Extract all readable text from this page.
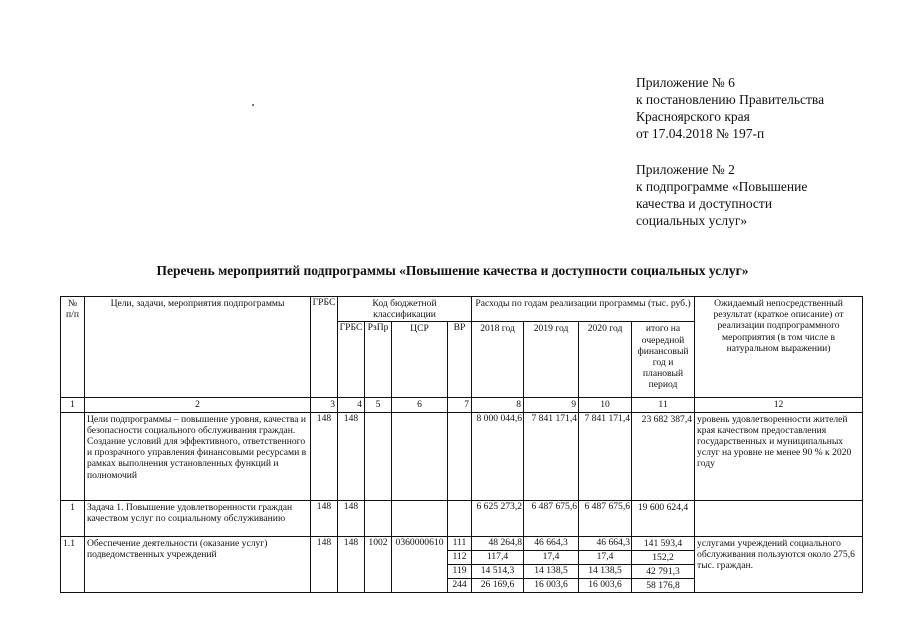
Приложение № 6
к постановлению Правительства
Красноярского края
от 17.04.2018 № 197-п
Приложение № 2
к подпрограмме «Повышение
качества и доступности
социальных услуг»
Перечень мероприятий подпрограммы «Повышение качества и доступности социальных услуг»
№ п/п	Цели, задачи, мероприятия подпрограммы	ГРБС	Код бюджетной классификации				Расходы по годам реализации программы (тыс. руб.)				Ожидаемый непосредственный результат (краткое описание) от реализации подпрограммного мероприятия (в том числе в натуральном выражении)
			ГРБС	РзПр	ЦСР	ВР	2018 год	2019 год	2020 год	итого на очередной финансовый год и плановый период	
1	2	3	4	5	6	7	8	9	10	11	12
	Цели подпрограммы – повышение уровня, качества и безопасности социального обслуживания граждан. Создание условий для эффективного, ответственного и прозрачного управления финансовыми ресурсами в рамках выполнения установленных функций и полномочий	148	148				8 000 044,6	7 841 171,4	7 841 171,4	23 682 387,4	уровень удовлетворенности жителей края качеством предоставления государственных и муниципальных услуг на уровне не менее 90 % к 2020 году
1	Задача 1. Повышение удовлетворенности граждан качеством услуг по социальному обслуживанию	148	148				6 625 273,2	6 487 675,6	6 487 675,6	19 600 624,4	
1.1	Обеспечение деятельности (оказание услуг) подведомственных учреждений	148	148	1002	0360000610	111	48 264,8	46 664,3	46 664,3	141 593,4	услугами учреждений социального обслуживания пользуются около 275,6 тыс. граждан.
						112	117,4	17,4	17,4	152,2	
						119	14 514,3	14 138,5	14 138,5	42 791,3	
						244	26 169,6	16 003,6	16 003,6	58 176,8	
